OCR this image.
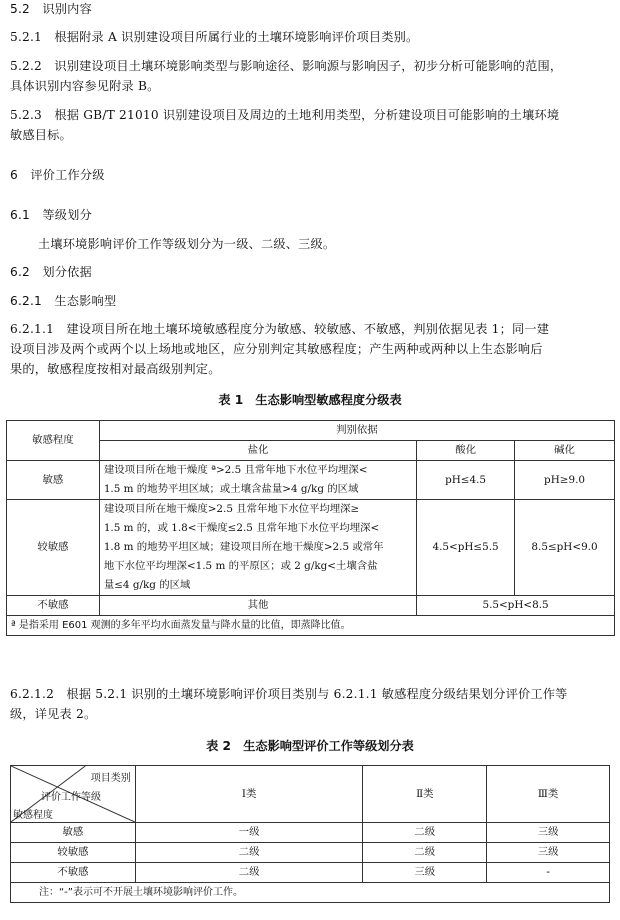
5.2　识别内容
5.2.1　根据附录 A 识别建设项目所属行业的土壤环境影响评价项目类别。
5.2.2　识别建设项目土壤环境影响类型与影响途径、影响源与影响因子，初步分析可能影响的范围，
具体识别内容参见附录 B。
5.2.3　根据 GB/T 21010 识别建设项目及周边的土地利用类型，分析建设项目可能影响的土壤环境
敏感目标。
6　评价工作分级
6.1　等级划分
土壤环境影响评价工作等级划分为一级、二级、三级。
6.2　划分依据
6.2.1　生态影响型
6.2.1.1　建设项目所在地土壤环境敏感程度分为敏感、较敏感、不敏感，判别依据见表 1；同一建
设项目涉及两个或两个以上场地或地区，应分别判定其敏感程度；产生两种或两种以上生态影响后
果的，敏感程度按相对最高级别判定。
表 1　生态影响型敏感程度分级表
敏感程度	判别依据		
	盐化	酸化	碱化
敏感	建设项目所在地干燥度 ª>2.5 且常年地下水位平均埋深<
1.5 m 的地势平坦区域；或土壤含盐量>4 g/kg 的区域	pH≤4.5	pH≥9.0
较敏感	建设项目所在地干燥度>2.5 且常年地下水位平均埋深≥
1.5 m 的，或 1.8<干燥度≤2.5 且常年地下水位平均埋深<
1.8 m 的地势平坦区域；建设项目所在地干燥度>2.5 或常年
地下水位平均埋深<1.5 m 的平原区；或 2 g/kg<土壤含盐
量≤4 g/kg 的区域	4.5<pH≤5.5	8.5≤pH<9.0
不敏感	其他	5.5<pH<8.5	
ª 是指采用 E601 观测的多年平均水面蒸发量与降水量的比值，即蒸降比值。			
6.2.1.2　根据 5.2.1 识别的土壤环境影响评价项目类别与 6.2.1.1 敏感程度分级结果划分评价工作等
级，详见表 2。
表 2　生态影响型评价工作等级划分表
项目类别
评价工作等级
敏感程度	Ⅰ类	Ⅱ类	Ⅲ类
敏感	一级	二级	三级
较敏感	二级	二级	三级
不敏感	二级	三级	-
注：“-”表示可不开展土壤环境影响评价工作。			
